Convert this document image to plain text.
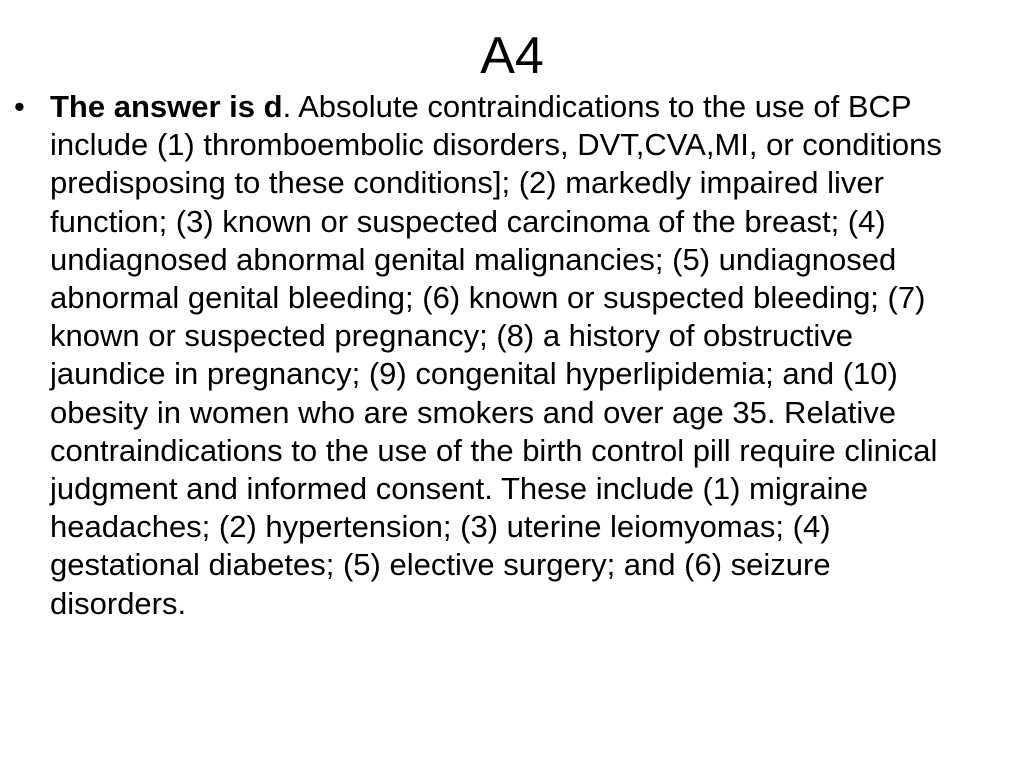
A4
• The answer is d. Absolute contraindications to the use of BCP include (1) thromboembolic disorders, DVT,CVA,MI, or conditions predisposing to these conditions]; (2) markedly impaired liver function; (3) known or suspected carcinoma of the breast; (4) undiagnosed abnormal genital malignancies; (5) undiagnosed abnormal genital bleeding; (6) known or suspected bleeding; (7) known or suspected pregnancy; (8) a history of obstructive jaundice in pregnancy; (9) congenital hyperlipidemia; and (10) obesity in women who are smokers and over age 35. Relative contraindications to the use of the birth control pill require clinical judgment and informed consent. These include (1) migraine headaches; (2) hypertension; (3) uterine leiomyomas; (4) gestational diabetes; (5) elective surgery; and (6) seizure disorders.
